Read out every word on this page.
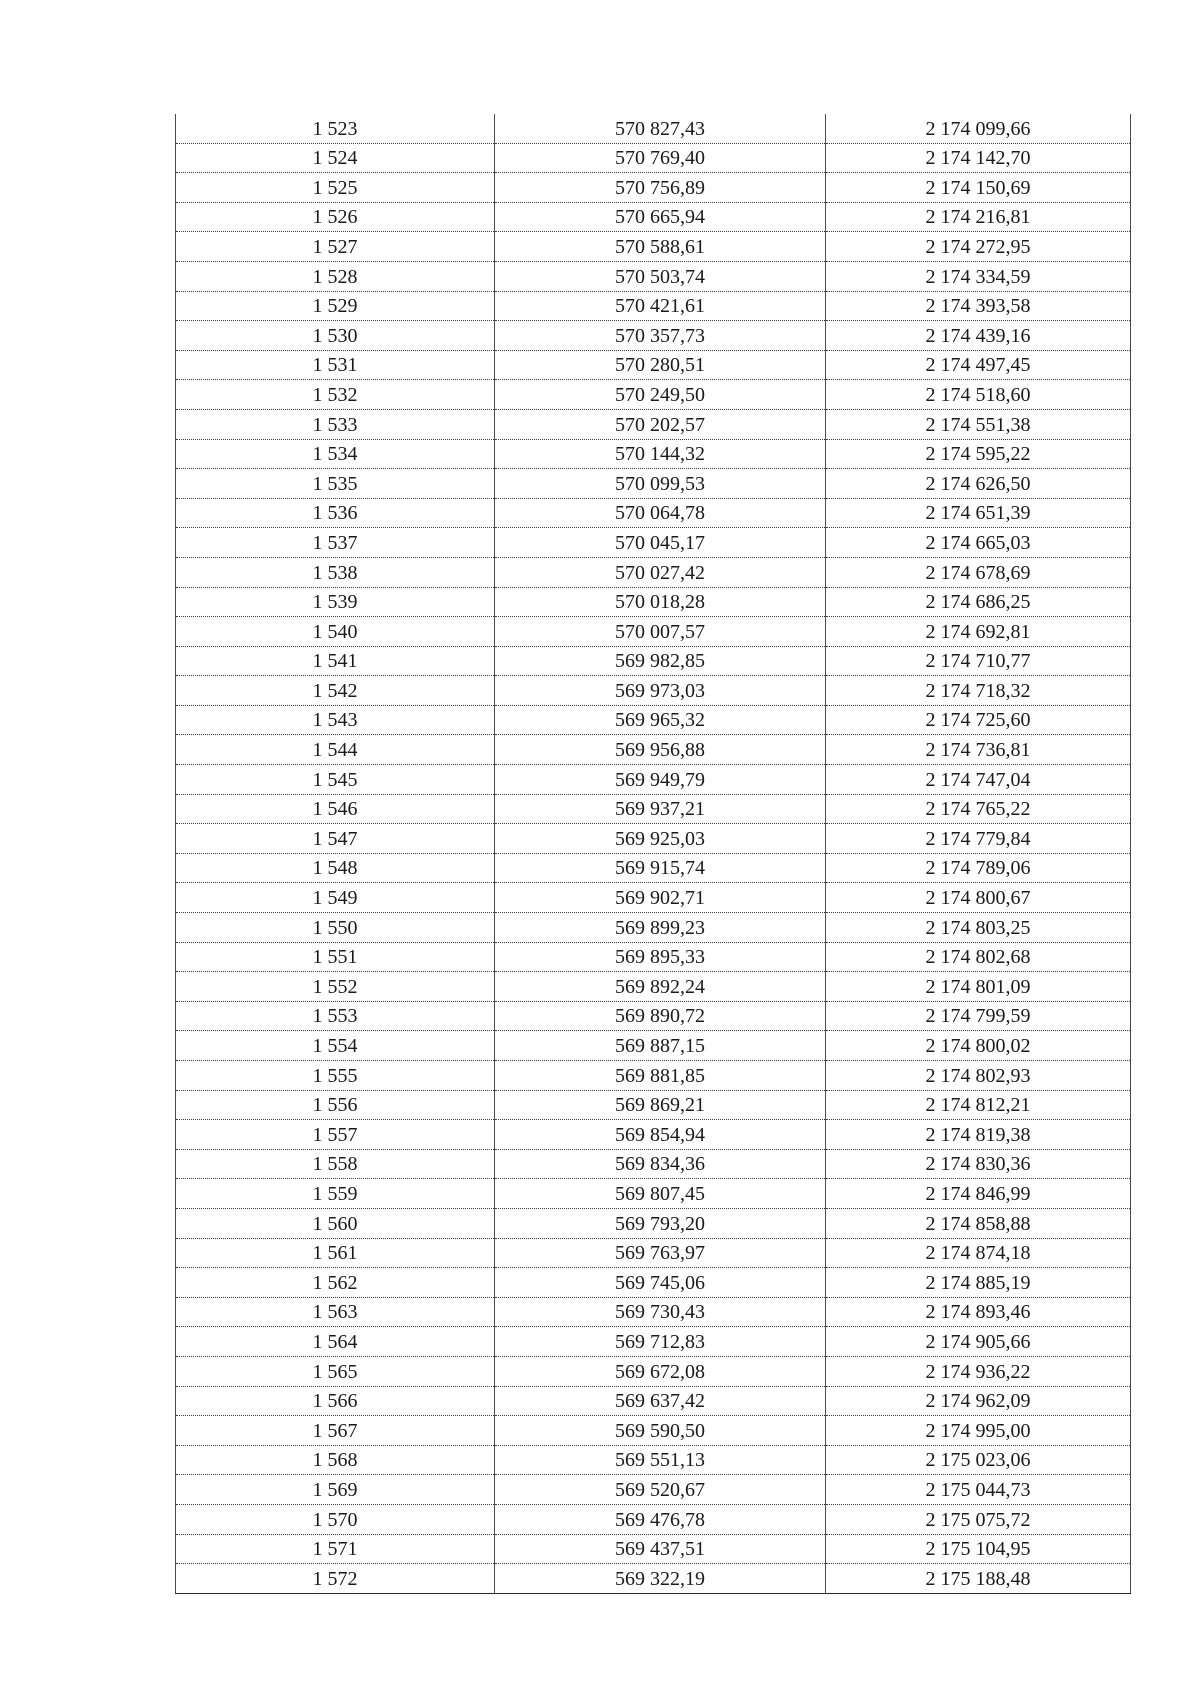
1 523	570 827,43	2 174 099,66
1 524	570 769,40	2 174 142,70
1 525	570 756,89	2 174 150,69
1 526	570 665,94	2 174 216,81
1 527	570 588,61	2 174 272,95
1 528	570 503,74	2 174 334,59
1 529	570 421,61	2 174 393,58
1 530	570 357,73	2 174 439,16
1 531	570 280,51	2 174 497,45
1 532	570 249,50	2 174 518,60
1 533	570 202,57	2 174 551,38
1 534	570 144,32	2 174 595,22
1 535	570 099,53	2 174 626,50
1 536	570 064,78	2 174 651,39
1 537	570 045,17	2 174 665,03
1 538	570 027,42	2 174 678,69
1 539	570 018,28	2 174 686,25
1 540	570 007,57	2 174 692,81
1 541	569 982,85	2 174 710,77
1 542	569 973,03	2 174 718,32
1 543	569 965,32	2 174 725,60
1 544	569 956,88	2 174 736,81
1 545	569 949,79	2 174 747,04
1 546	569 937,21	2 174 765,22
1 547	569 925,03	2 174 779,84
1 548	569 915,74	2 174 789,06
1 549	569 902,71	2 174 800,67
1 550	569 899,23	2 174 803,25
1 551	569 895,33	2 174 802,68
1 552	569 892,24	2 174 801,09
1 553	569 890,72	2 174 799,59
1 554	569 887,15	2 174 800,02
1 555	569 881,85	2 174 802,93
1 556	569 869,21	2 174 812,21
1 557	569 854,94	2 174 819,38
1 558	569 834,36	2 174 830,36
1 559	569 807,45	2 174 846,99
1 560	569 793,20	2 174 858,88
1 561	569 763,97	2 174 874,18
1 562	569 745,06	2 174 885,19
1 563	569 730,43	2 174 893,46
1 564	569 712,83	2 174 905,66
1 565	569 672,08	2 174 936,22
1 566	569 637,42	2 174 962,09
1 567	569 590,50	2 174 995,00
1 568	569 551,13	2 175 023,06
1 569	569 520,67	2 175 044,73
1 570	569 476,78	2 175 075,72
1 571	569 437,51	2 175 104,95
1 572	569 322,19	2 175 188,48
